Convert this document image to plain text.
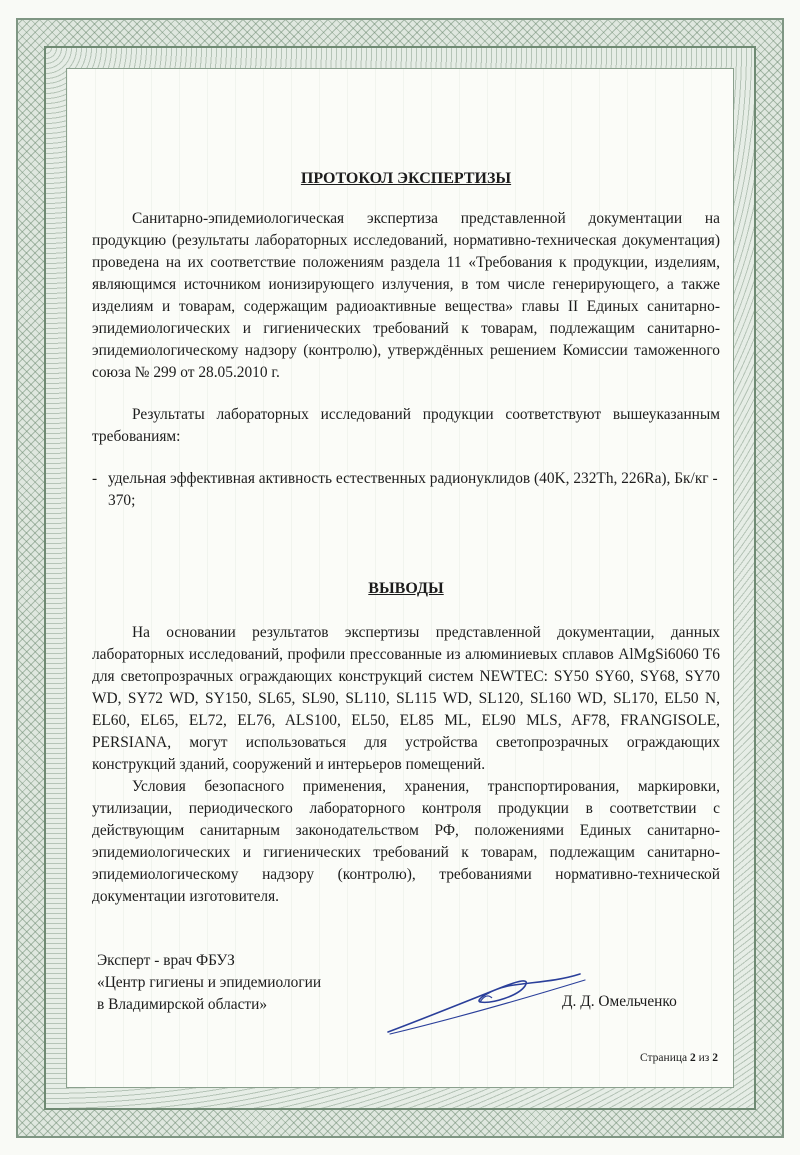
ПРОТОКОЛ ЭКСПЕРТИЗЫ

Санитарно-эпидемиологическая экспертиза представленной документации на продукцию (результаты лабораторных исследований, нормативно-техническая документация) проведена на их соответствие положениям раздела 11 «Требования к продукции, изделиям, являющимся источником ионизирующего излучения, в том числе генерирующего, а также изделиям и товарам, содержащим радиоактивные вещества» главы II Единых санитарно-эпидемиологических и гигиенических требований к товарам, подлежащим санитарно-эпидемиологическому надзору (контролю), утверждённых решением Комиссии таможенного союза № 299 от 28.05.2010 г.

Результаты лабораторных исследований продукции соответствуют вышеуказанным требованиям:

- удельная эффективная активность естественных радионуклидов (40K, 232Th, 226Ra), Бк/кг - 370;

ВЫВОДЫ

На основании результатов экспертизы представленной документации, данных лабораторных исследований, профили прессованные из алюминиевых сплавов AlMgSi6060 T6 для светопрозрачных ограждающих конструкций систем NEWTEC: SY50 SY60, SY68, SY70 WD, SY72 WD, SY150, SL65, SL90, SL110, SL115 WD, SL120, SL160 WD, SL170, EL50 N, EL60, EL65, EL72, EL76, ALS100, EL50, EL85 ML, EL90 MLS, AF78, FRANGISOLE, PERSIANA, могут использоваться для устройства светопрозрачных ограждающих конструкций зданий, сооружений и интерьеров помещений.

Условия безопасного применения, хранения, транспортирования, маркировки, утилизации, периодического лабораторного контроля продукции в соответствии с действующим санитарным законодательством РФ, положениями Единых санитарно-эпидемиологических и гигиенических требований к товарам, подлежащим санитарно-эпидемиологическому надзору (контролю), требованиями нормативно-технической документации изготовителя.

Эксперт - врач ФБУЗ
«Центр гигиены и эпидемиологии
в Владимирской области»	Д. Д. Омельченко
Страница 2 из 2
